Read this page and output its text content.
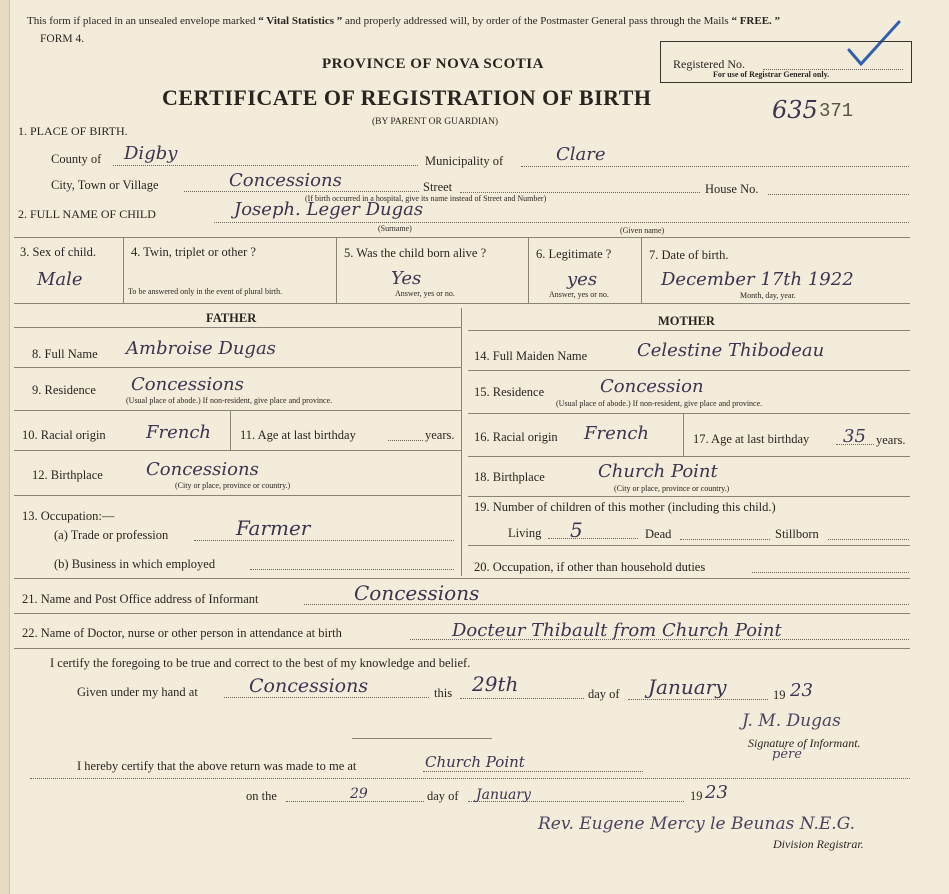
This form if placed in an unsealed envelope marked “ Vital Statistics ” and properly addressed will, by order of the Postmaster General pass through the Mails “ FREE. ”
FORM 4.
PROVINCE OF NOVA SCOTIA
CERTIFICATE OF REGISTRATION OF BIRTH
(BY PARENT OR GUARDIAN)
Registered No.
For use of Registrar General only.
635 371
1. PLACE OF BIRTH.
County of Digby	Municipality of	Clare
City, Town or Village	Concessions	Street	House No.
(If birth occurred in a hospital, give its name instead of Street and Number)
2. FULL NAME OF CHILD	Joseph. Leger Dugas
(Surname)	(Given name)
3. Sex of child.
Male
4. Twin, triplet or other ?
To be answered only in the event of plural birth.
5. Was the child born alive ?
Yes
Answer, yes or no.
6. Legitimate ?
yes
Answer, yes or no.
7. Date of birth.
December 17th 1922
Month, day, year.
FATHER	MOTHER
8. Full Name Ambroise Dugas
9. Residence Concessions
(Usual place of abode.) If non-resident, give place and province.
10. Racial origin French 11. Age at last birthday	years.
12. Birthplace Concessions
(City or place, province or country.)
13. Occupation:—
(a) Trade or profession	Farmer
(b) Business in which employed
14. Full Maiden Name	Celestine Thibodeau
15. Residence	Concession
(Usual place of abode.) If non-resident, give place and province.
16. Racial origin French	17. Age at last birthday 35 years.
18. Birthplace	Church Point
(City or place, province or country.)
19. Number of children of this mother (including this child.)
Living 5	Dead	Stillborn
20. Occupation, if other than household duties
21. Name and Post Office address of Informant	Concessions
22. Name of Doctor, nurse or other person in attendance at birth	Docteur Thibault from Church Point
I certify the foregoing to be true and correct to the best of my knowledge and belief.
Given under my hand at	Concessions	this 29th	day of January	19 23
J. M. Dugas
Signature of Informant.
père
I hereby certify that the above return was made to me at	Church Point
on the	29	day of January	19 23
Rev. Eugene Mercy le Beunas N.E.G.
Division Registrar.
